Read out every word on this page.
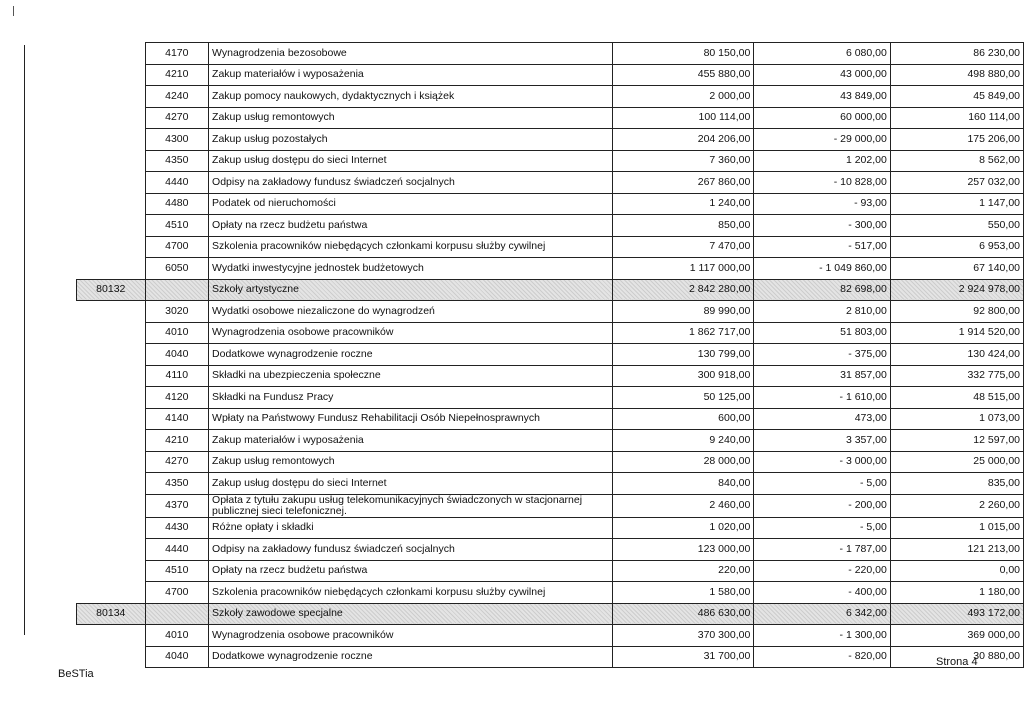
	4170	Wynagrodzenia bezosobowe	80 150,00	6 080,00	86 230,00
	4210	Zakup materiałów i wyposażenia	455 880,00	43 000,00	498 880,00
	4240	Zakup pomocy naukowych, dydaktycznych i książek	2 000,00	43 849,00	45 849,00
	4270	Zakup usług remontowych	100 114,00	60 000,00	160 114,00
	4300	Zakup usług pozostałych	204 206,00	- 29 000,00	175 206,00
	4350	Zakup usług dostępu do sieci Internet	7 360,00	1 202,00	8 562,00
	4440	Odpisy na zakładowy fundusz świadczeń socjalnych	267 860,00	- 10 828,00	257 032,00
	4480	Podatek od nieruchomości	1 240,00	- 93,00	1 147,00
	4510	Opłaty na rzecz budżetu państwa	850,00	- 300,00	550,00
	4700	Szkolenia pracowników niebędących członkami korpusu służby cywilnej	7 470,00	- 517,00	6 953,00
	6050	Wydatki inwestycyjne jednostek budżetowych	1 117 000,00	- 1 049 860,00	67 140,00
80132		Szkoły artystyczne	2 842 280,00	82 698,00	2 924 978,00
	3020	Wydatki osobowe niezaliczone do wynagrodzeń	89 990,00	2 810,00	92 800,00
	4010	Wynagrodzenia osobowe pracowników	1 862 717,00	51 803,00	1 914 520,00
	4040	Dodatkowe wynagrodzenie roczne	130 799,00	- 375,00	130 424,00
	4110	Składki na ubezpieczenia społeczne	300 918,00	31 857,00	332 775,00
	4120	Składki na Fundusz Pracy	50 125,00	- 1 610,00	48 515,00
	4140	Wpłaty na Państwowy Fundusz Rehabilitacji Osób Niepełnosprawnych	600,00	473,00	1 073,00
	4210	Zakup materiałów i wyposażenia	9 240,00	3 357,00	12 597,00
	4270	Zakup usług remontowych	28 000,00	- 3 000,00	25 000,00
	4350	Zakup usług dostępu do sieci Internet	840,00	- 5,00	835,00
	4370	Opłata z tytułu zakupu usług telekomunikacyjnych świadczonych w stacjonarnej publicznej sieci telefonicznej.	2 460,00	- 200,00	2 260,00
	4430	Różne opłaty i składki	1 020,00	- 5,00	1 015,00
	4440	Odpisy na zakładowy fundusz świadczeń socjalnych	123 000,00	- 1 787,00	121 213,00
	4510	Opłaty na rzecz budżetu państwa	220,00	- 220,00	0,00
	4700	Szkolenia pracowników niebędących członkami korpusu służby cywilnej	1 580,00	- 400,00	1 180,00
80134		Szkoły zawodowe specjalne	486 630,00	6 342,00	493 172,00
	4010	Wynagrodzenia osobowe pracowników	370 300,00	- 1 300,00	369 000,00
	4040	Dodatkowe wynagrodzenie roczne	31 700,00	- 820,00	30 880,00
BeSTia
Strona 4
